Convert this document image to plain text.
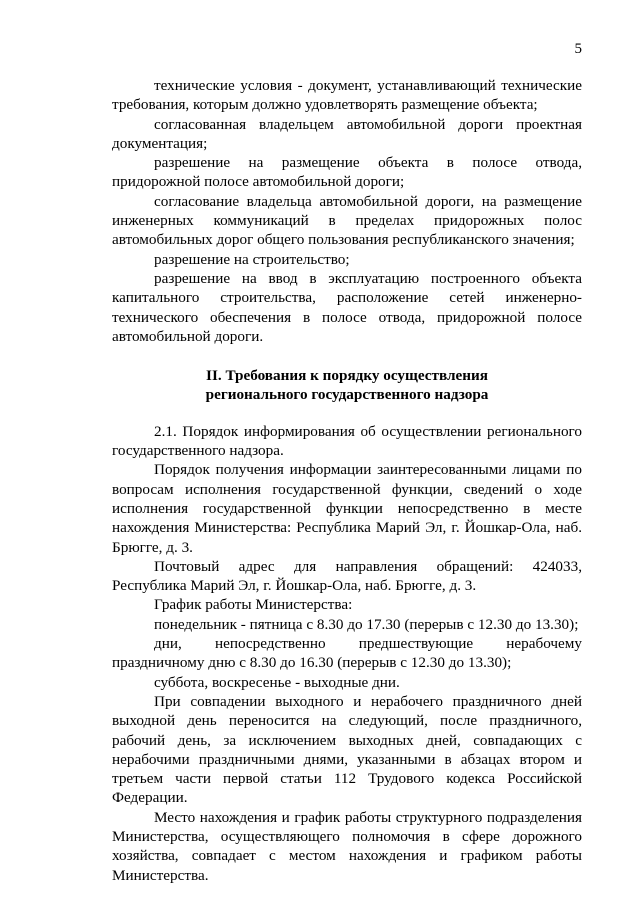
5

технические условия - документ, устанавливающий технические требования, которым должно удовлетворять размещение объекта;

согласованная владельцем автомобильной дороги проектная документация;

разрешение на размещение объекта в полосе отвода, придорожной полосе автомобильной дороги;

согласование владельца автомобильной дороги, на размещение инженерных коммуникаций в пределах придорожных полос автомобильных дорог общего пользования республиканского значения;

разрешение на строительство;

разрешение на ввод в эксплуатацию построенного объекта капитального строительства, расположение сетей инженерно-технического обеспечения в полосе отвода, придорожной полосе автомобильной дороги.

II. Требования к порядку осуществления
регионального государственного надзора

2.1. Порядок информирования об осуществлении регионального государственного надзора.

Порядок получения информации заинтересованными лицами по вопросам исполнения государственной функции, сведений о ходе исполнения государственной функции непосредственно в месте нахождения Министерства: Республика Марий Эл, г. Йошкар-Ола, наб. Брюгге, д. 3.

Почтовый адрес для направления обращений: 424033, Республика Марий Эл, г. Йошкар-Ола, наб. Брюгге, д. 3.

График работы Министерства:

понедельник - пятница с 8.30 до 17.30 (перерыв с 12.30 до 13.30);

дни, непосредственно предшествующие нерабочему праздничному дню с 8.30 до 16.30 (перерыв с 12.30 до 13.30);

суббота, воскресенье - выходные дни.

При совпадении выходного и нерабочего праздничного дней выходной день переносится на следующий, после праздничного, рабочий день, за исключением выходных дней, совпадающих с нерабочими праздничными днями, указанными в абзацах втором и третьем части первой статьи 112 Трудового кодекса Российской Федерации.

Место нахождения и график работы структурного подразделения Министерства, осуществляющего полномочия в сфере дорожного хозяйства, совпадает с местом нахождения и графиком работы Министерства.
